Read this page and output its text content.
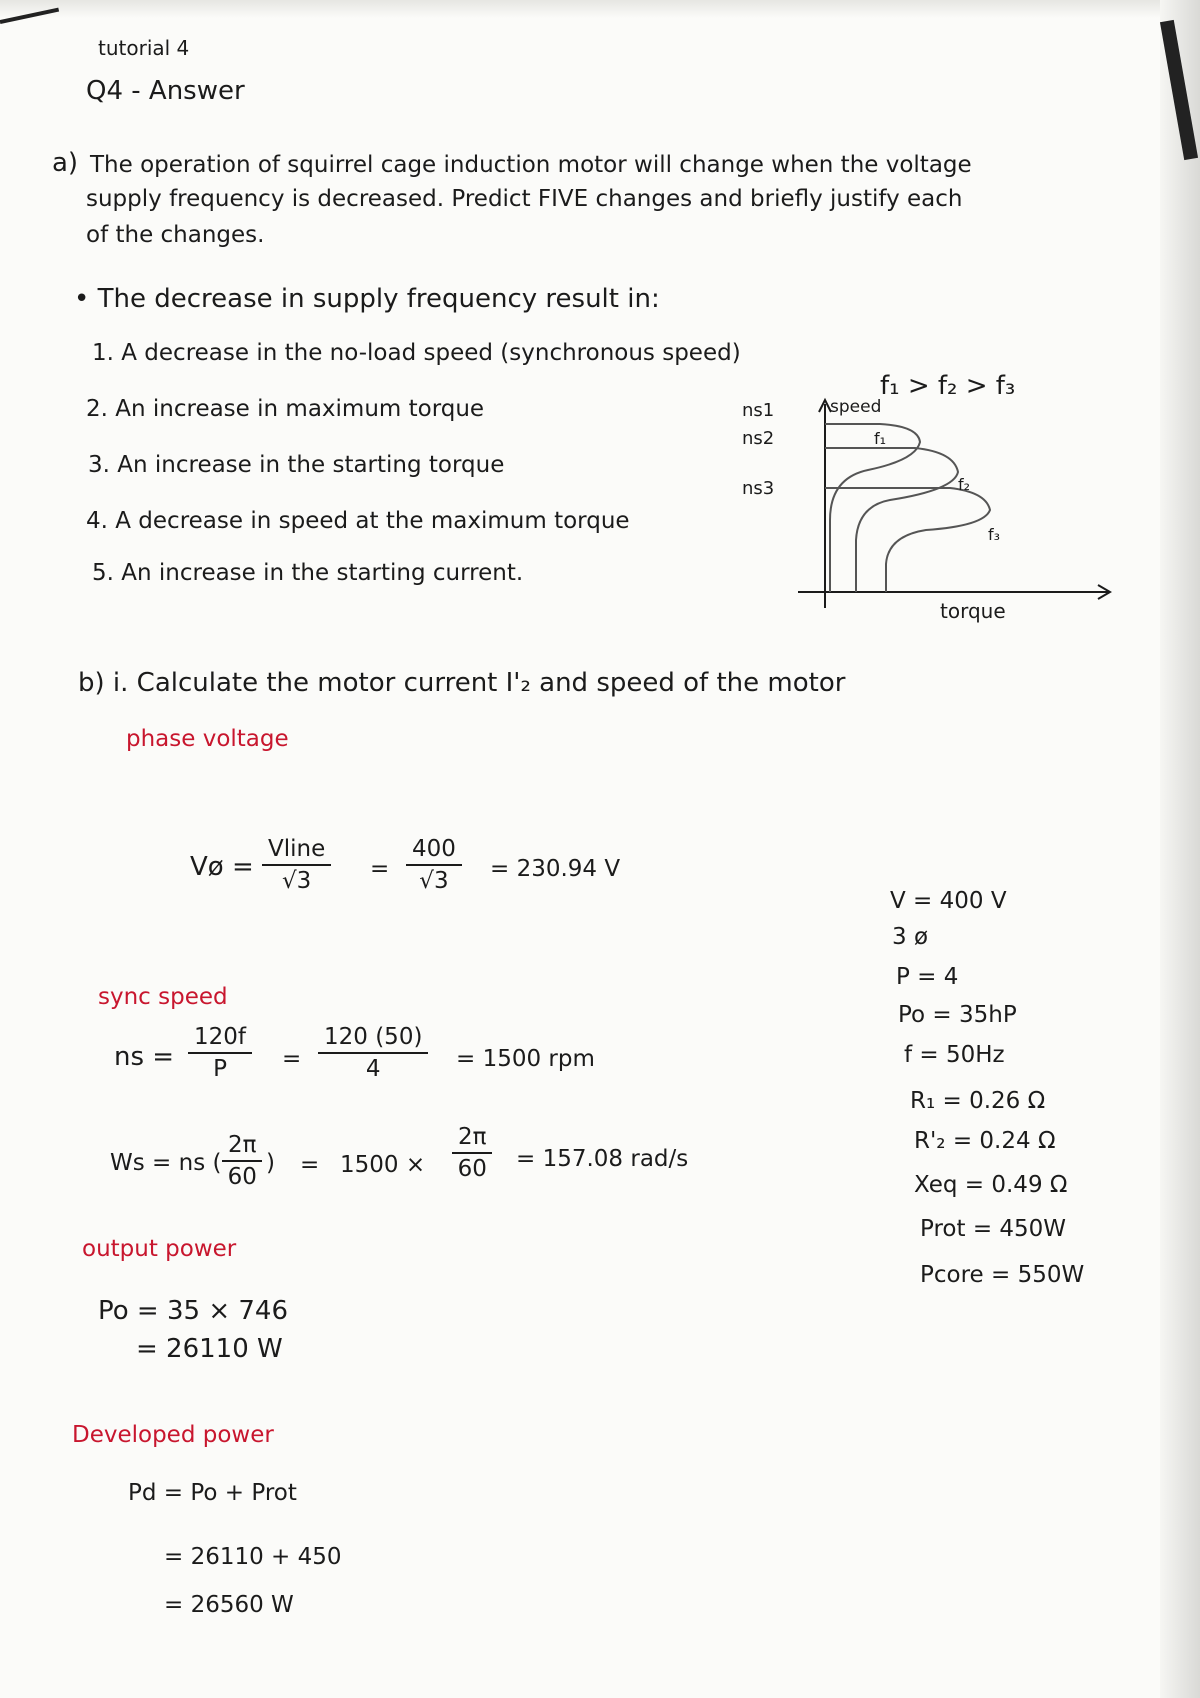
tutorial 4
Q4 - Answer
a) The operation of squirrel cage induction motor will change when the voltage
supply frequency is decreased. Predict FIVE changes and briefly justify each
of the changes.
• The decrease in supply frequency result in:
1. A decrease in the no-load speed (synchronous speed)
2. An increase in maximum torque
3. An increase in the starting torque
4. A decrease in speed at the maximum torque
5. An increase in the starting current.
f₁ > f₂ > f₃
speed
torque
ns1
ns2
ns3
f₁
f₂
f₃
b) i. Calculate the motor current I'₂ and speed of the motor
phase voltage
Vø =
Vline
√3	=
400
√3	= 230.94 V
sync speed
ns =
120f
P	=
120 (50)
4	= 1500 rpm
Ws = ns (
2π
60
) = 1500 ×
2π
60 = 157.08 rad/s
output power
Po = 35 × 746
= 26110 W
Developed power
Pd = Po + Prot
= 26110 + 450
= 26560 W
V = 400 V
3 ø
P = 4
Po = 35hP
f = 50Hz
R₁ = 0.26 Ω
R'₂ = 0.24 Ω
Xeq = 0.49 Ω
Prot = 450W
Pcore = 550W
